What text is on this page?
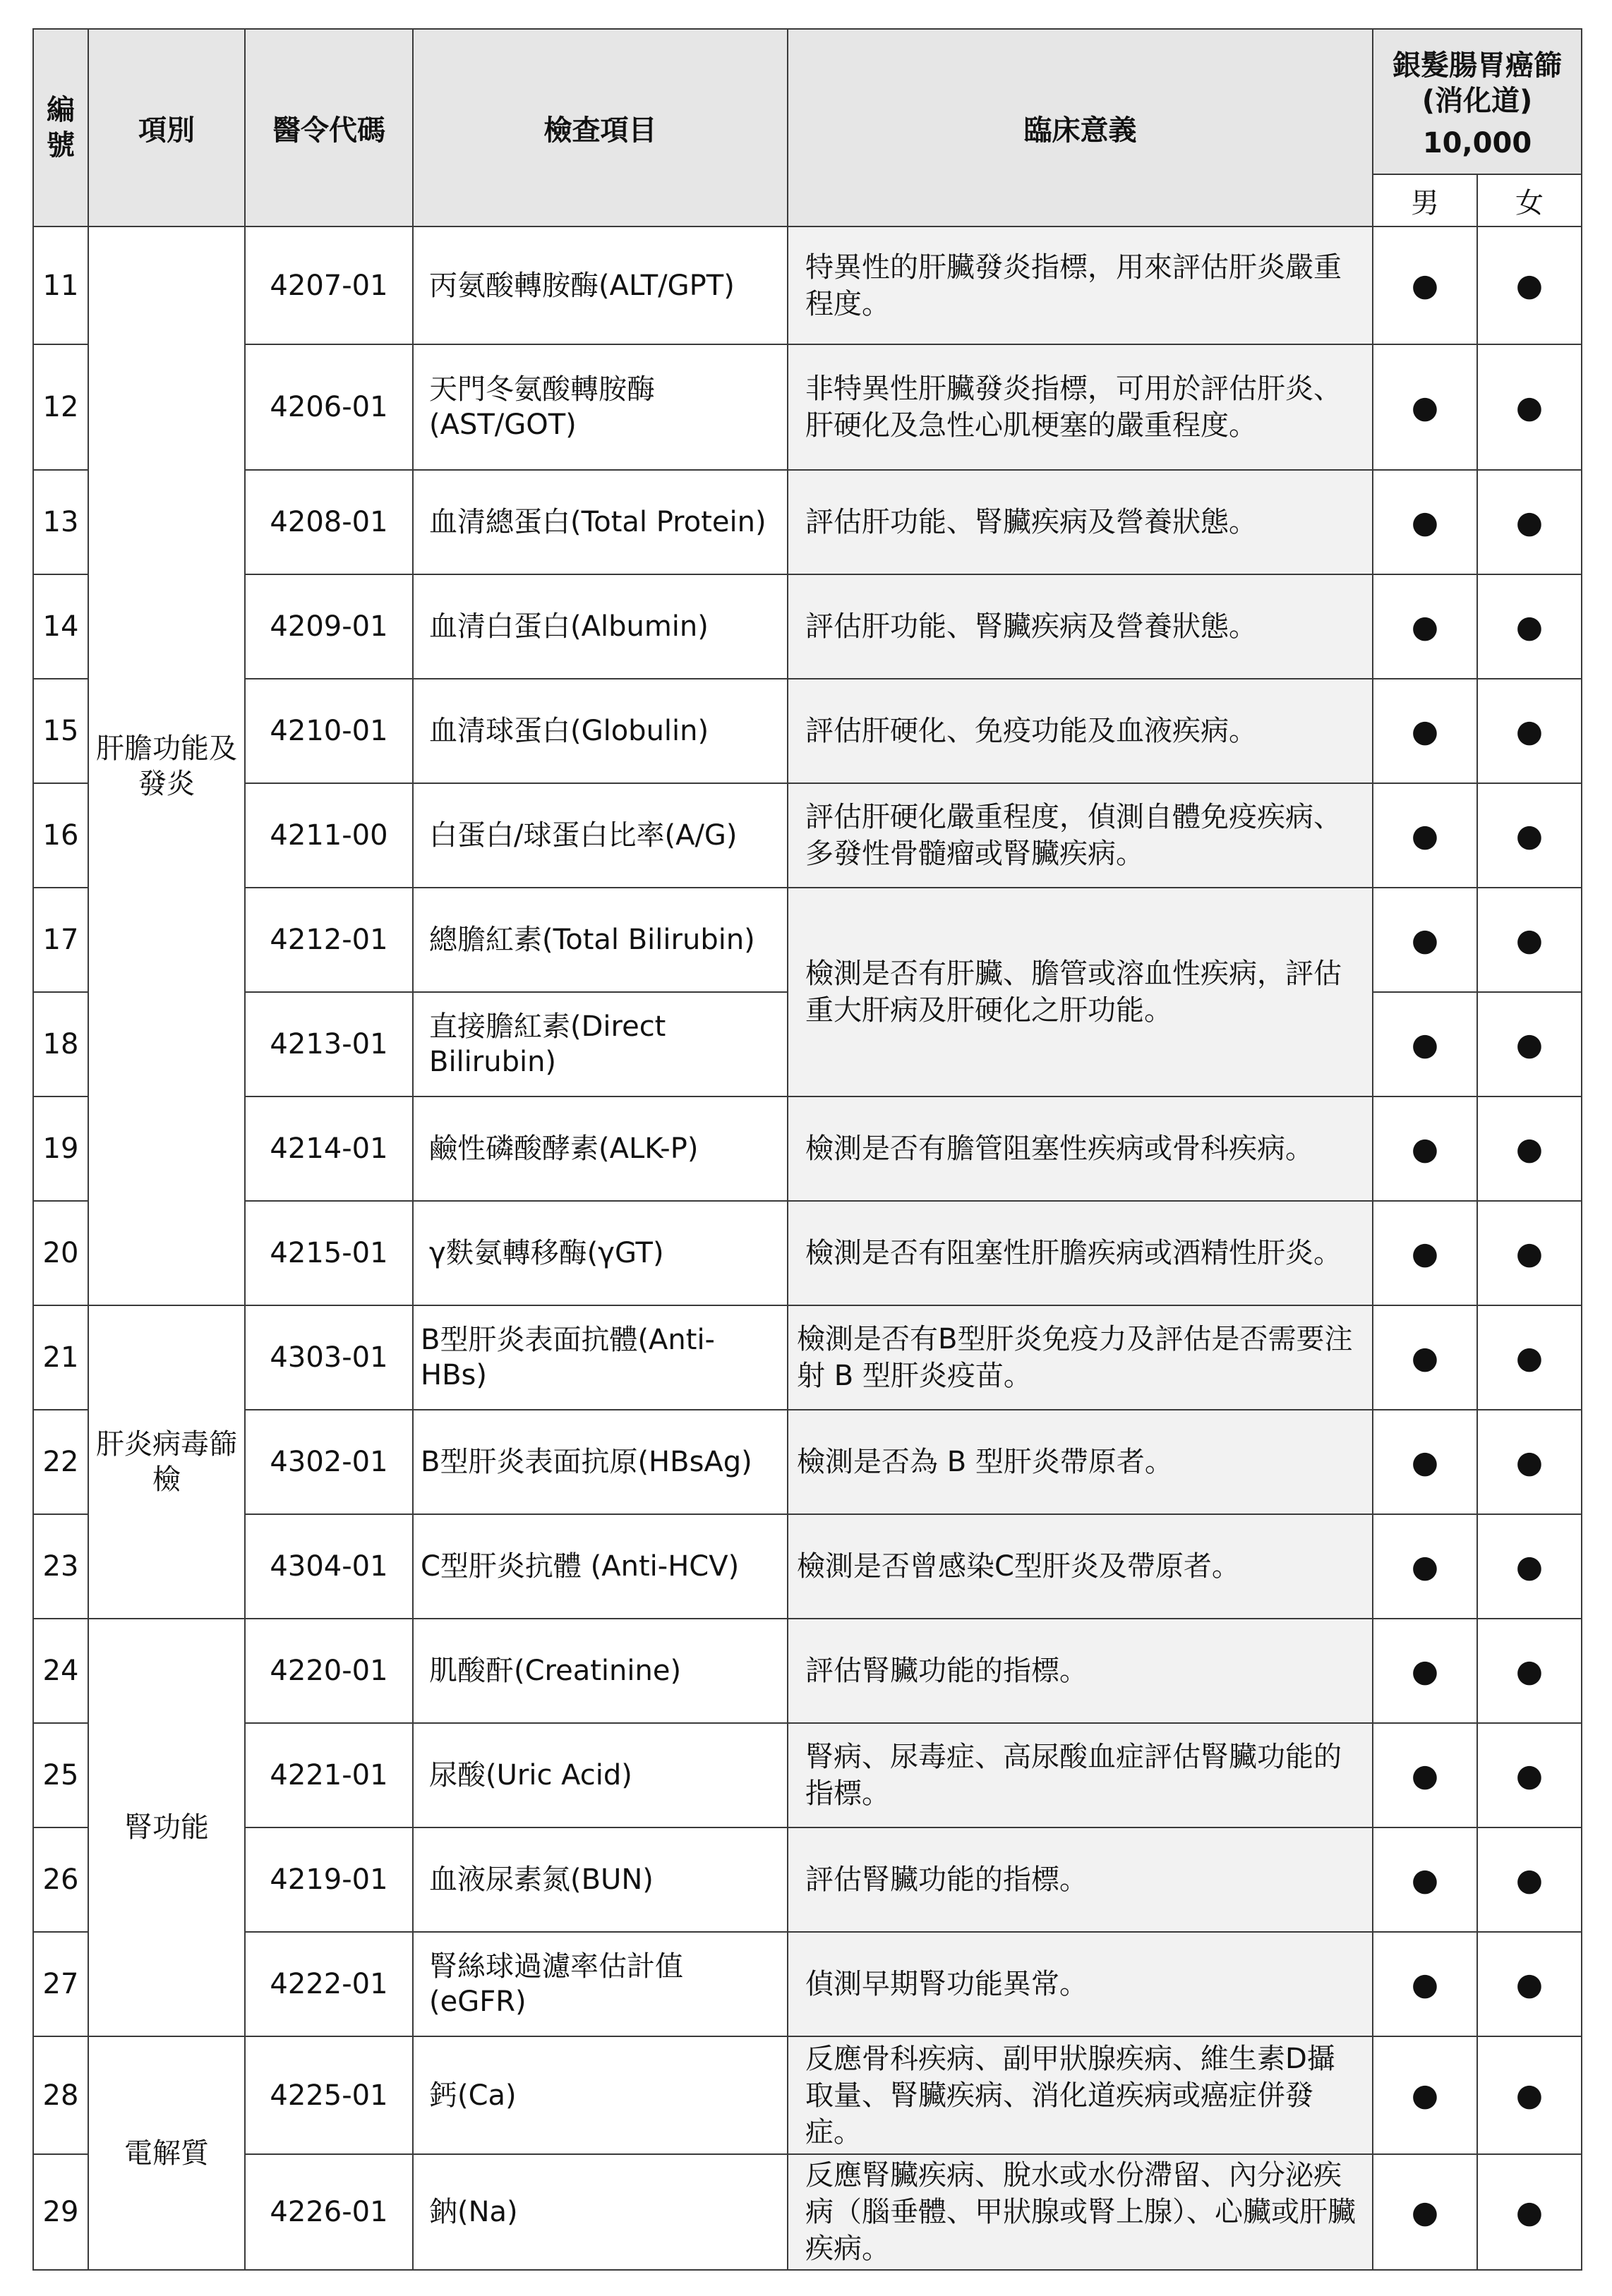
編號	項別	醫令代碼	檢查項目	臨床意義	銀髮腸胃癌篩
(消化道)
10,000	

					男	女
11	肝膽功能及發炎	4207-01	丙氨酸轉胺酶(ALT/GPT)	特異性的肝臟發炎指標，用來評估肝炎嚴重程度。	●	●
12		4206-01	天門冬氨酸轉胺酶(AST/GOT)	非特異性肝臟發炎指標，可用於評估肝炎、肝硬化及急性心肌梗塞的嚴重程度。	●	●
13		4208-01	血清總蛋白(Total Protein)	評估肝功能、腎臟疾病及營養狀態。	●	●
14		4209-01	血清白蛋白(Albumin)	評估肝功能、腎臟疾病及營養狀態。	●	●
15		4210-01	血清球蛋白(Globulin)	評估肝硬化、免疫功能及血液疾病。	●	●
16		4211-00	白蛋白/球蛋白比率(A/G)	評估肝硬化嚴重程度，偵測自體免疫疾病、多發性骨髓瘤或腎臟疾病。	●	●
17		4212-01	總膽紅素(Total Bilirubin)	檢測是否有肝臟、膽管或溶血性疾病，評估重大肝病及肝硬化之肝功能。	●	●
18		4213-01	直接膽紅素(Direct Bilirubin)		●	●
19		4214-01	鹼性磷酸酵素(ALK-P)	檢測是否有膽管阻塞性疾病或骨科疾病。	●	●
20		4215-01	γ麩氨轉移酶(γGT)	檢測是否有阻塞性肝膽疾病或酒精性肝炎。	●	●
21	肝炎病毒篩檢	4303-01	B型肝炎表面抗體(Anti-HBs)	檢測是否有B型肝炎免疫力及評估是否需要注射 B 型肝炎疫苗。	●	●
22		4302-01	B型肝炎表面抗原(HBsAg)	檢測是否為 B 型肝炎帶原者。	●	●
23		4304-01	C型肝炎抗體 (Anti-HCV)	檢測是否曾感染C型肝炎及帶原者。	●	●
24	腎功能	4220-01	肌酸酐(Creatinine)	評估腎臟功能的指標。	●	●
25		4221-01	尿酸(Uric Acid)	腎病、尿毒症、高尿酸血症評估腎臟功能的指標。	●	●
26		4219-01	血液尿素氮(BUN)	評估腎臟功能的指標。	●	●
27		4222-01	腎絲球過濾率估計值(eGFR)	偵測早期腎功能異常。	●	●
28	電解質	4225-01	鈣(Ca)	反應骨科疾病、副甲狀腺疾病、維生素D攝取量、腎臟疾病、消化道疾病或癌症併發症。	●	●
29		4226-01	鈉(Na)	反應腎臟疾病、脫水或水份滯留、內分泌疾病（腦垂體、甲狀腺或腎上腺）、心臟或肝臟疾病。	●	●
